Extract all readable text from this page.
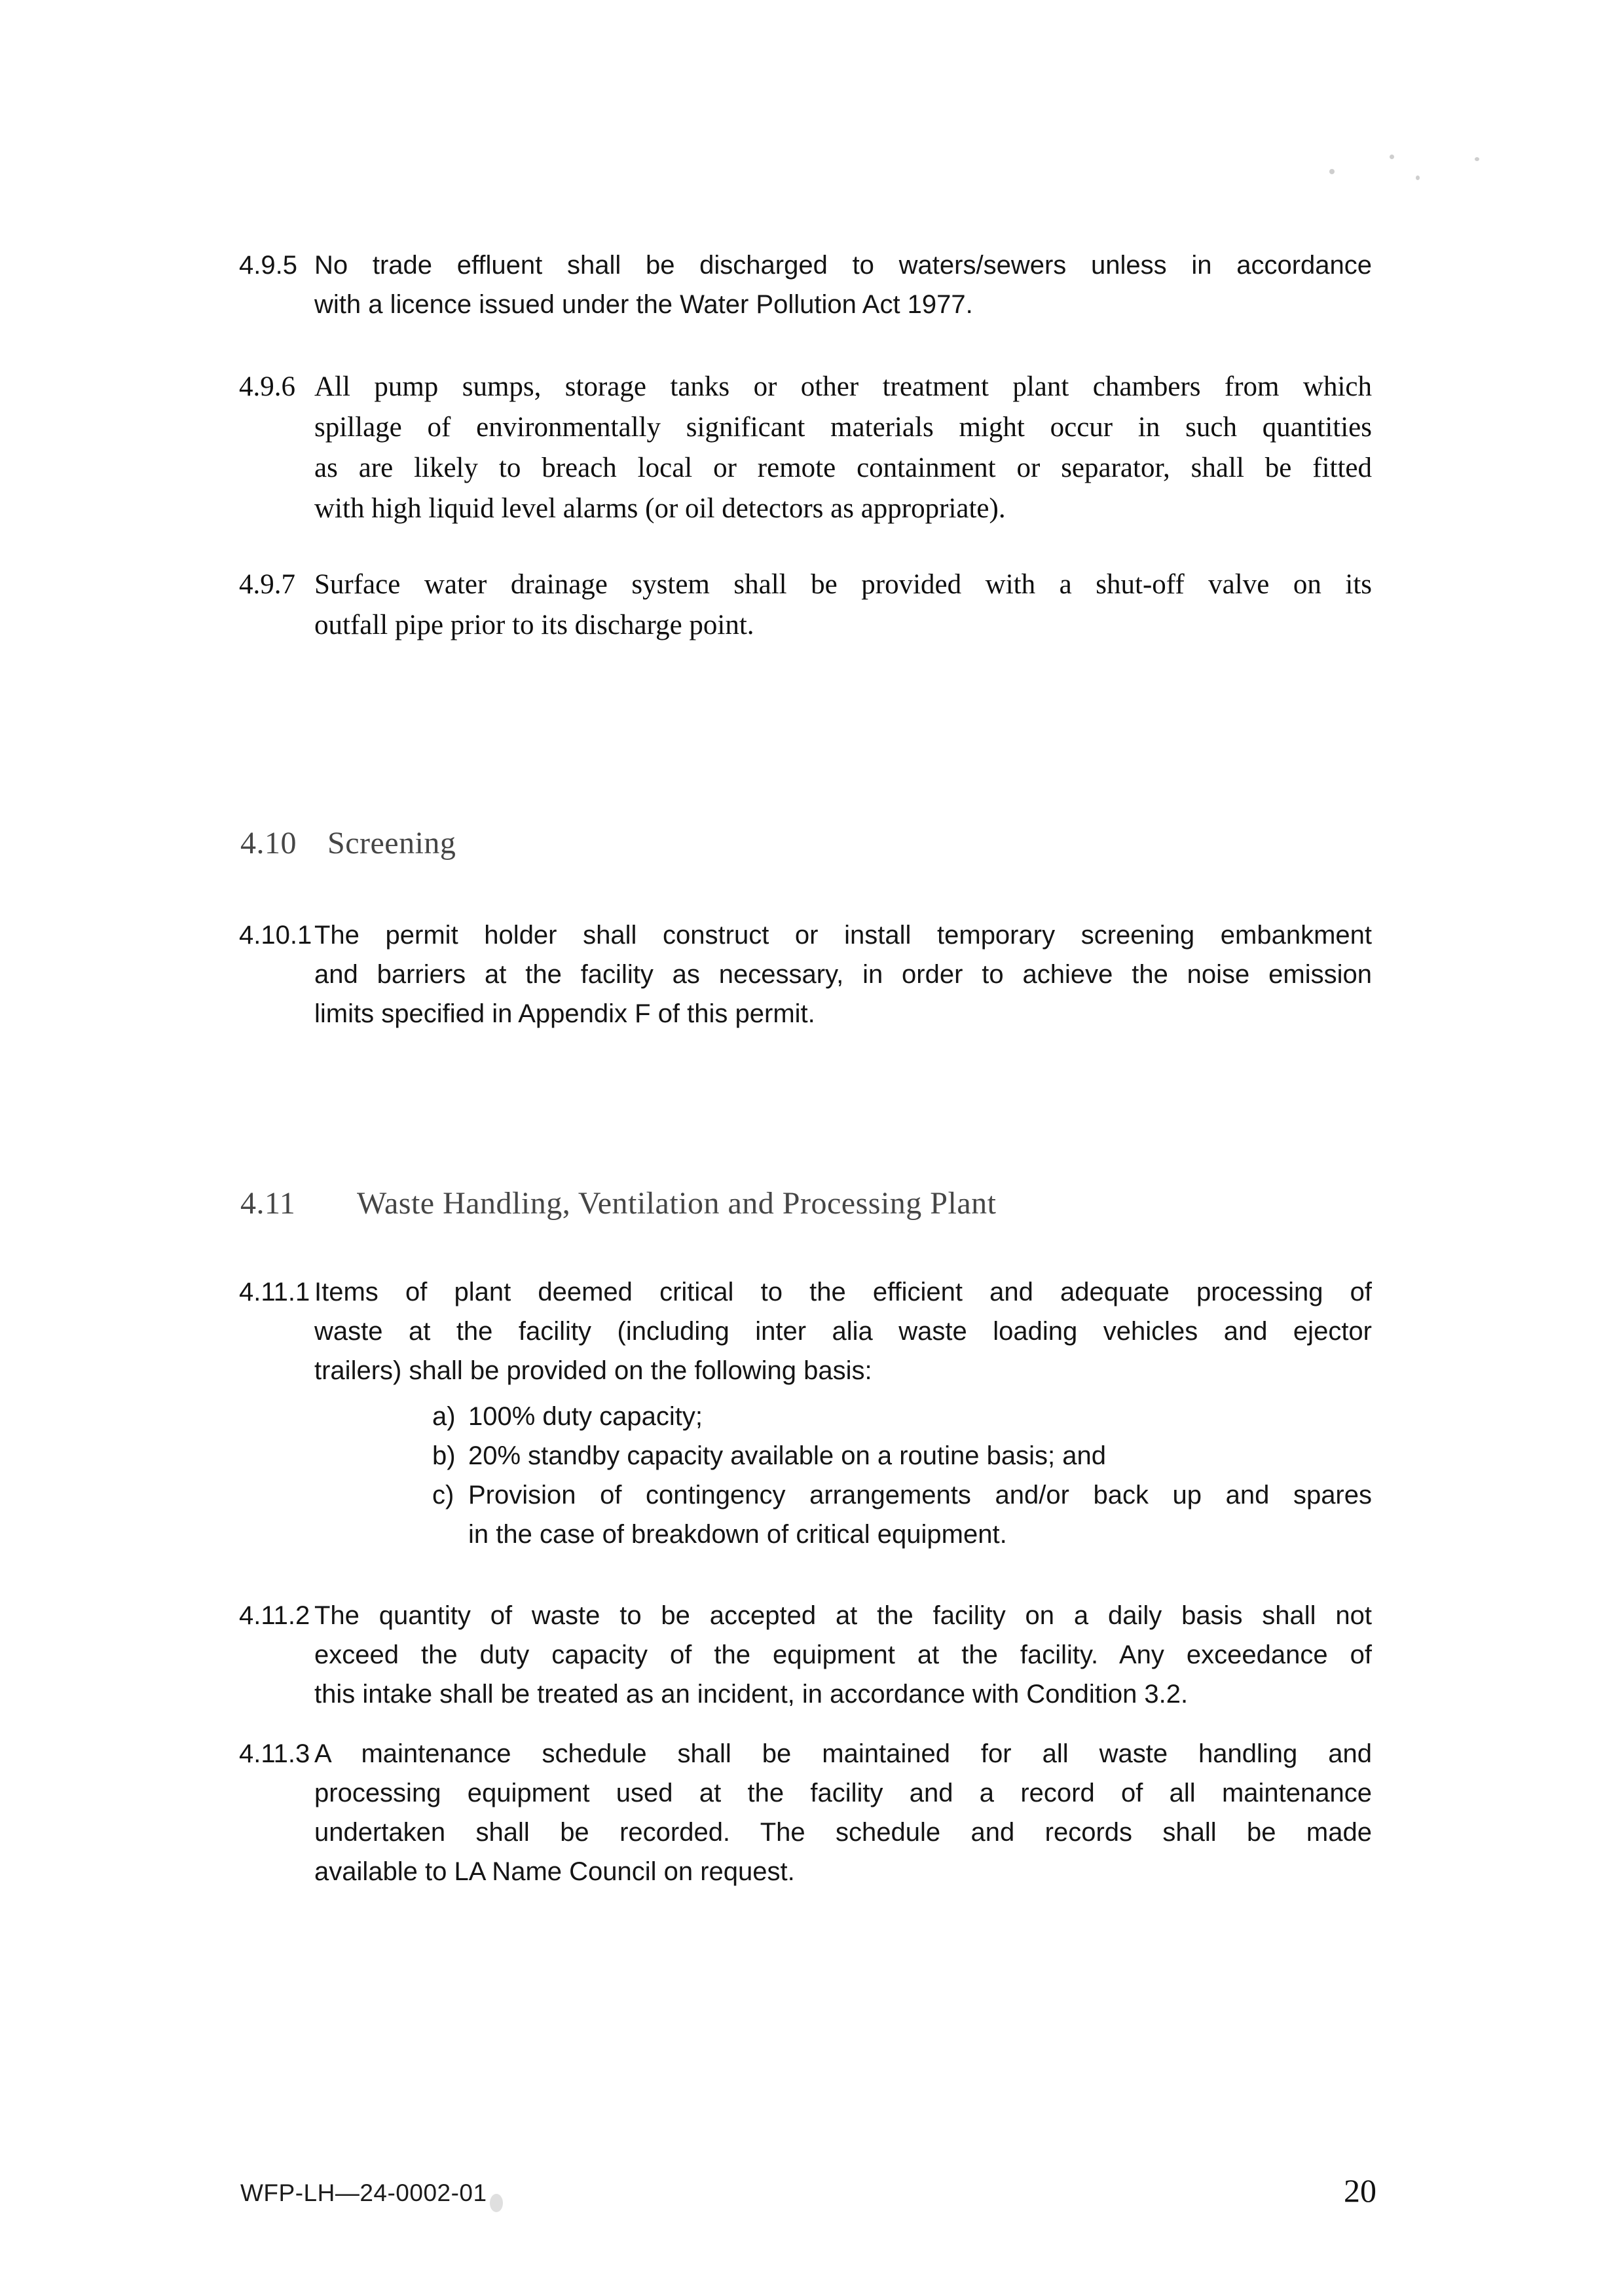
4.9.5 No trade effluent shall be discharged to waters/sewers unless in accordance
with a licence issued under the Water Pollution Act 1977.
4.9.6 All pump sumps, storage tanks or other treatment plant chambers from which
spillage of environmentally significant materials might occur in such quantities
as are likely to breach local or remote containment or separator, shall be fitted
with high liquid level alarms (or oil detectors as appropriate).
4.9.7 Surface water drainage system shall be provided with a shut-off valve on its
outfall pipe prior to its discharge point.
4.10 Screening
4.10.1 The permit holder shall construct or install temporary screening embankment
and barriers at the facility as necessary, in order to achieve the noise emission
limits specified in Appendix F of this permit.
4.11 Waste Handling, Ventilation and Processing Plant
4.11.1 Items of plant deemed critical to the efficient and adequate processing of
waste at the facility (including inter alia waste loading vehicles and ejector
trailers) shall be provided on the following basis:
a) 100% duty capacity;
b) 20% standby capacity available on a routine basis; and
c) Provision of contingency arrangements and/or back up and spares
in the case of breakdown of critical equipment.
4.11.2 The quantity of waste to be accepted at the facility on a daily basis shall not
exceed the duty capacity of the equipment at the facility. Any exceedance of
this intake shall be treated as an incident, in accordance with Condition 3.2.
4.11.3 A maintenance schedule shall be maintained for all waste handling and
processing equipment used at the facility and a record of all maintenance
undertaken shall be recorded. The schedule and records shall be made
available to LA Name Council on request.
WFP-LH—24-0002-01	20
